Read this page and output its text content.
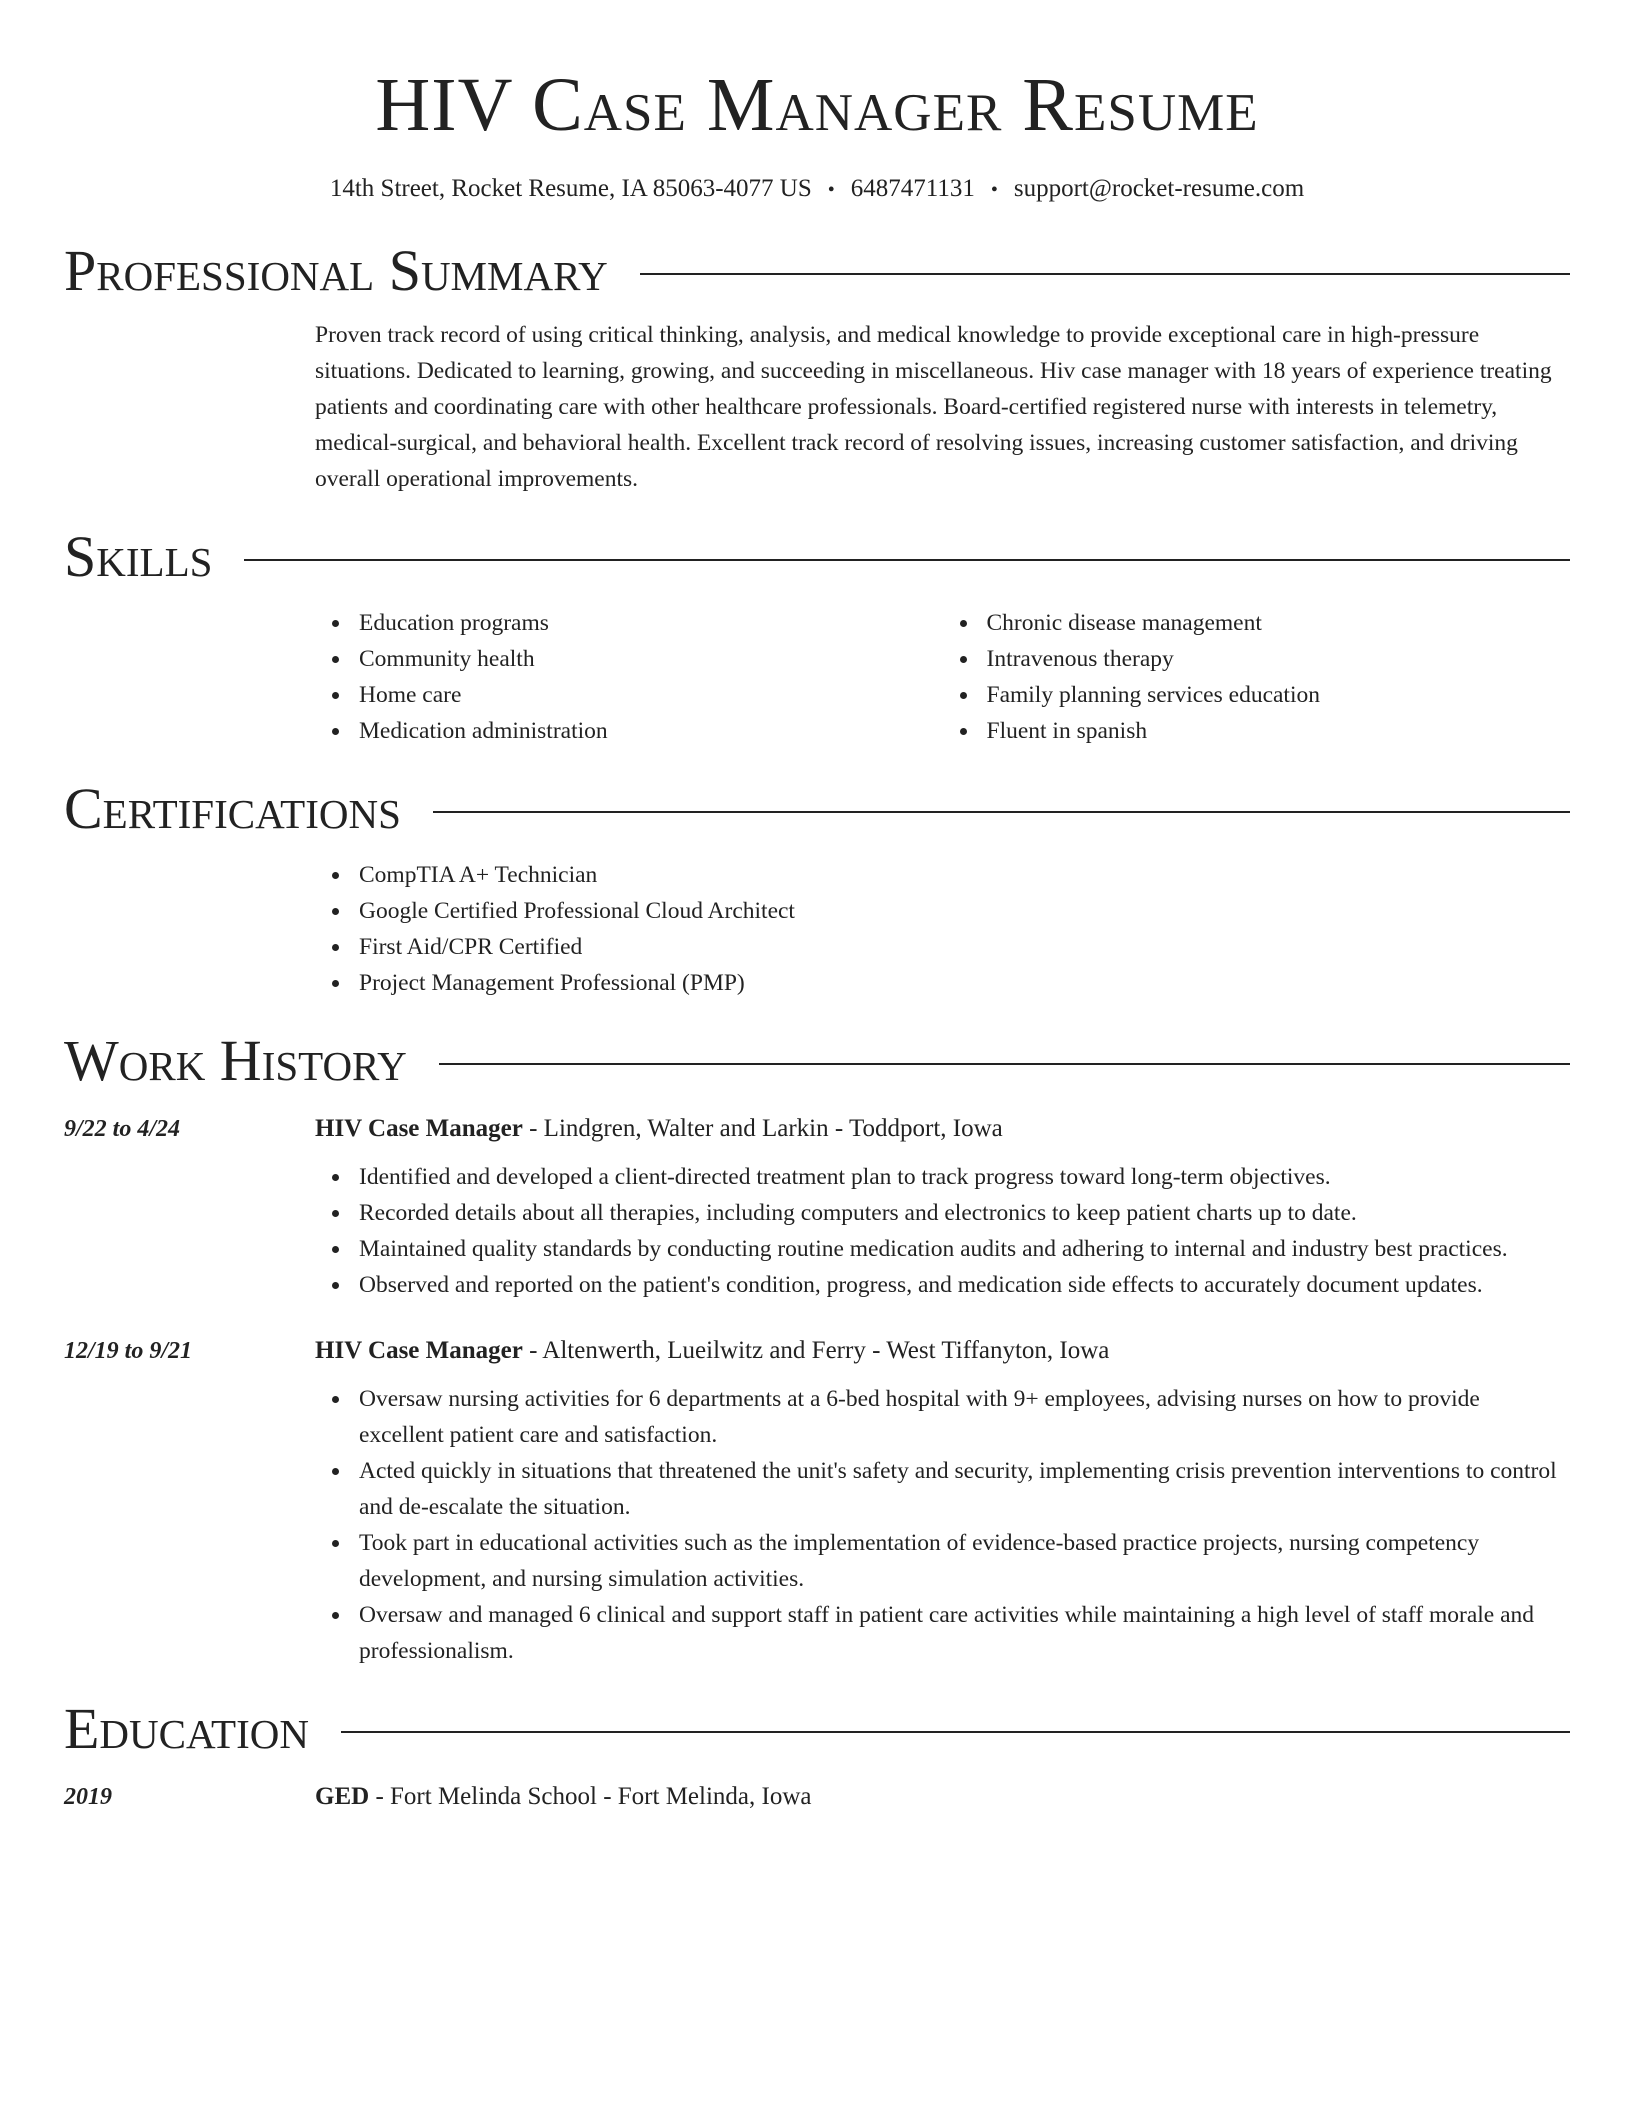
HIV Case Manager Resume
14th Street, Rocket Resume, IA 85063-4077 US • 6487471131 • support@rocket-resume.com
Professional Summary

Proven track record of using critical thinking, analysis, and medical knowledge to provide exceptional care in high-pressure situations. Dedicated to learning, growing, and succeeding in miscellaneous. Hiv case manager with 18 years of experience treating patients and coordinating care with other healthcare professionals. Board-certified registered nurse with interests in telemetry, medical-surgical, and behavioral health. Excellent track record of resolving issues, increasing customer satisfaction, and driving overall operational improvements.

Skills
Education programs
Community health
Home care
Medication administration
Chronic disease management
Intravenous therapy
Family planning services education
Fluent in spanish
Certifications
CompTIA A+ Technician
Google Certified Professional Cloud Architect
First Aid/CPR Certified
Project Management Professional (PMP)
Work History
9/22 to 4/24	HIV Case Manager - Lindgren, Walter and Larkin - Toddport, Iowa
Identified and developed a client-directed treatment plan to track progress toward long-term objectives.
Recorded details about all therapies, including computers and electronics to keep patient charts up to date.
Maintained quality standards by conducting routine medication audits and adhering to internal and industry best practices.
Observed and reported on the patient's condition, progress, and medication side effects to accurately document updates.
12/19 to 9/21	HIV Case Manager - Altenwerth, Lueilwitz and Ferry - West Tiffanyton, Iowa
Oversaw nursing activities for 6 departments at a 6-bed hospital with 9+ employees, advising nurses on how to provide excellent patient care and satisfaction.
Acted quickly in situations that threatened the unit's safety and security, implementing crisis prevention interventions to control and de-escalate the situation.
Took part in educational activities such as the implementation of evidence-based practice projects, nursing competency development, and nursing simulation activities.
Oversaw and managed 6 clinical and support staff in patient care activities while maintaining a high level of staff morale and professionalism.
Education
2019	GED - Fort Melinda School - Fort Melinda, Iowa
